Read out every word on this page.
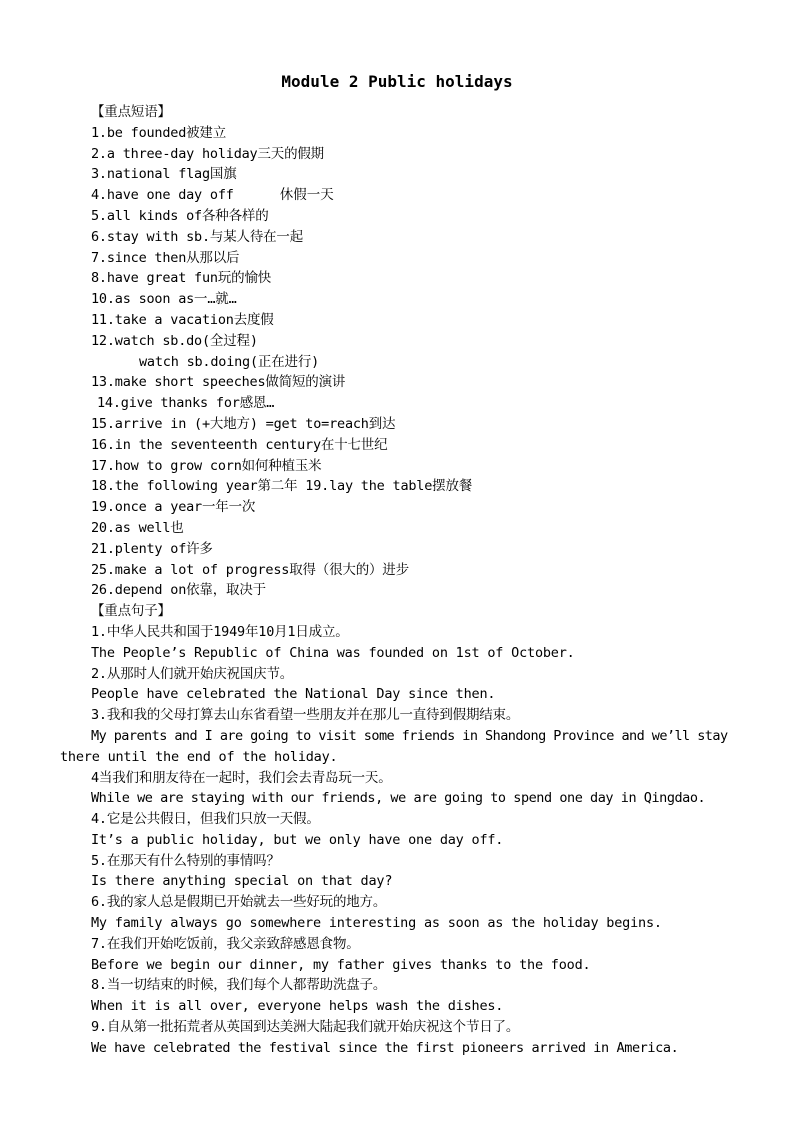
Module 2 Public holidays
【重点短语】
1.be founded被建立
2.a three-day holiday三天的假期
3.national flag国旗
4.have one day off	休假一天
5.all kinds of各种各样的
6.stay with sb.与某人待在一起
7.since then从那以后
8.have great fun玩的愉快
10.as soon as一…就…
11.take a vacation去度假
12.watch sb.do(全过程)
watch sb.doing(正在进行)
13.make short speeches做简短的演讲
14.give thanks for感恩…
15.arrive in (+大地方) =get to=reach到达
16.in the seventeenth century在十七世纪
17.how to grow corn如何种植玉米
18.the following year第二年 19.lay the table摆放餐
19.once a year一年一次
20.as well也
21.plenty of许多
25.make a lot of progress取得（很大的）进步
26.depend on依靠，取决于
【重点句子】
1.中华人民共和国于1949年10月1日成立。
The People’s Republic of China was founded on 1st of October.
2.从那时人们就开始庆祝国庆节。
People have celebrated the National Day since then.
3.我和我的父母打算去山东省看望一些朋友并在那儿一直待到假期结束。
My parents and I are going to visit some friends in Shandong Province and we’ll stay
there until the end of the holiday.
4当我们和朋友待在一起时，我们会去青岛玩一天。
While we are staying with our friends, we are going to spend one day in Qingdao.
4.它是公共假日，但我们只放一天假。
It’s a public holiday, but we only have one day off.
5.在那天有什么特别的事情吗？
Is there anything special on that day?
6.我的家人总是假期已开始就去一些好玩的地方。
My family always go somewhere interesting as soon as the holiday begins.
7.在我们开始吃饭前，我父亲致辞感恩食物。
Before we begin our dinner, my father gives thanks to the food.
8.当一切结束的时候，我们每个人都帮助洗盘子。
When it is all over, everyone helps wash the dishes.
9.自从第一批拓荒者从英国到达美洲大陆起我们就开始庆祝这个节日了。
We have celebrated the festival since the first pioneers arrived in America.
